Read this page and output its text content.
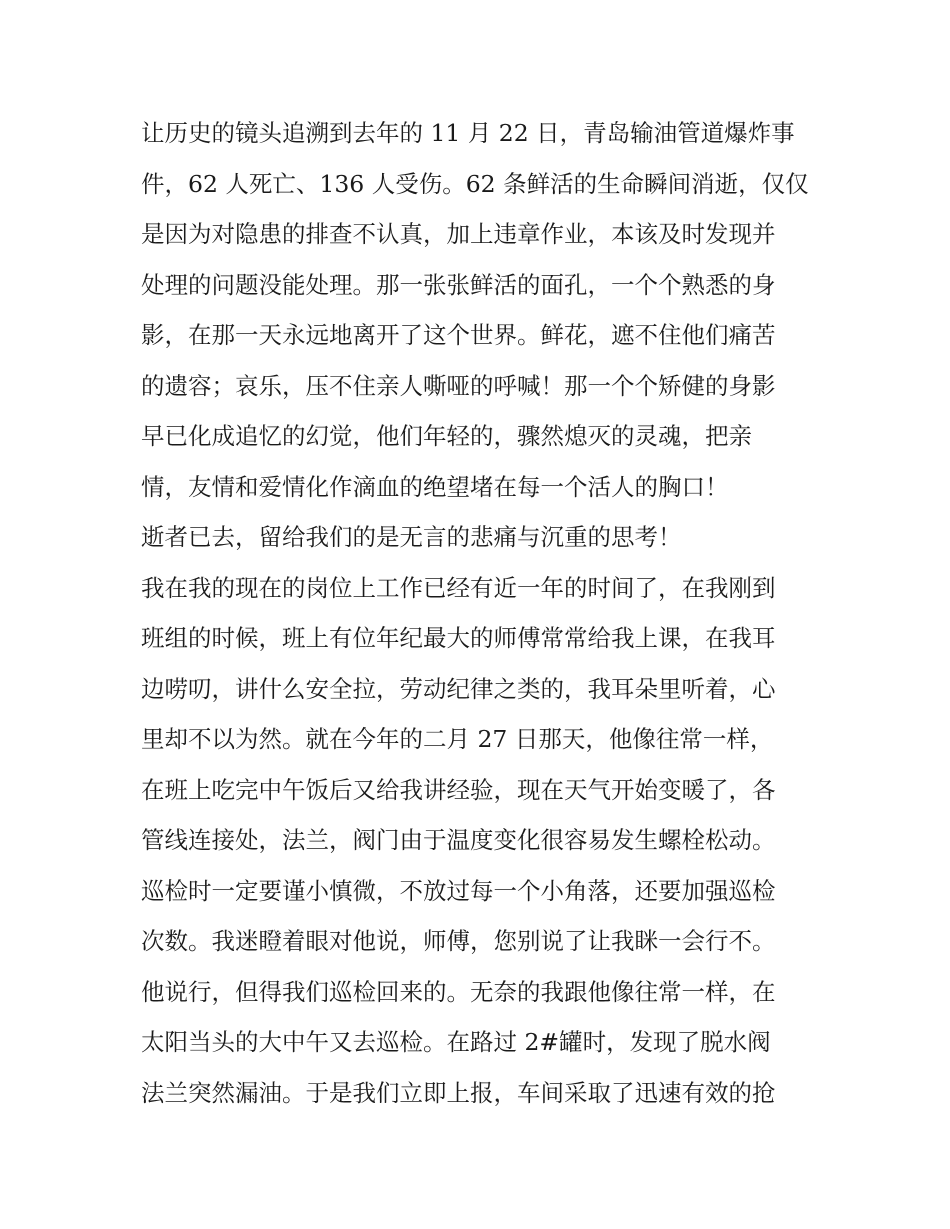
让历史的镜头追溯到去年的 11 月 22 日，青岛输油管道爆炸事
件，62 人死亡、136 人受伤。62 条鲜活的生命瞬间消逝，仅仅
是因为对隐患的排查不认真，加上违章作业，本该及时发现并
处理的问题没能处理。那一张张鲜活的面孔，一个个熟悉的身
影，在那一天永远地离开了这个世界。鲜花，遮不住他们痛苦
的遗容；哀乐，压不住亲人嘶哑的呼喊！那一个个矫健的身影
早已化成追忆的幻觉，他们年轻的，骤然熄灭的灵魂，把亲
情，友情和爱情化作滴血的绝望堵在每一个活人的胸口！
逝者已去，留给我们的是无言的悲痛与沉重的思考！
我在我的现在的岗位上工作已经有近一年的时间了，在我刚到
班组的时候，班上有位年纪最大的师傅常常给我上课，在我耳
边唠叨，讲什么安全拉，劳动纪律之类的，我耳朵里听着，心
里却不以为然。就在今年的二月 27 日那天，他像往常一样，
在班上吃完中午饭后又给我讲经验，现在天气开始变暖了，各
管线连接处，法兰，阀门由于温度变化很容易发生螺栓松动。
巡检时一定要谨小慎微，不放过每一个小角落，还要加强巡检
次数。我迷瞪着眼对他说，师傅，您别说了让我眯一会行不。
他说行，但得我们巡检回来的。无奈的我跟他像往常一样，在
太阳当头的大中午又去巡检。在路过 2#罐时，发现了脱水阀
法兰突然漏油。于是我们立即上报，车间采取了迅速有效的抢
